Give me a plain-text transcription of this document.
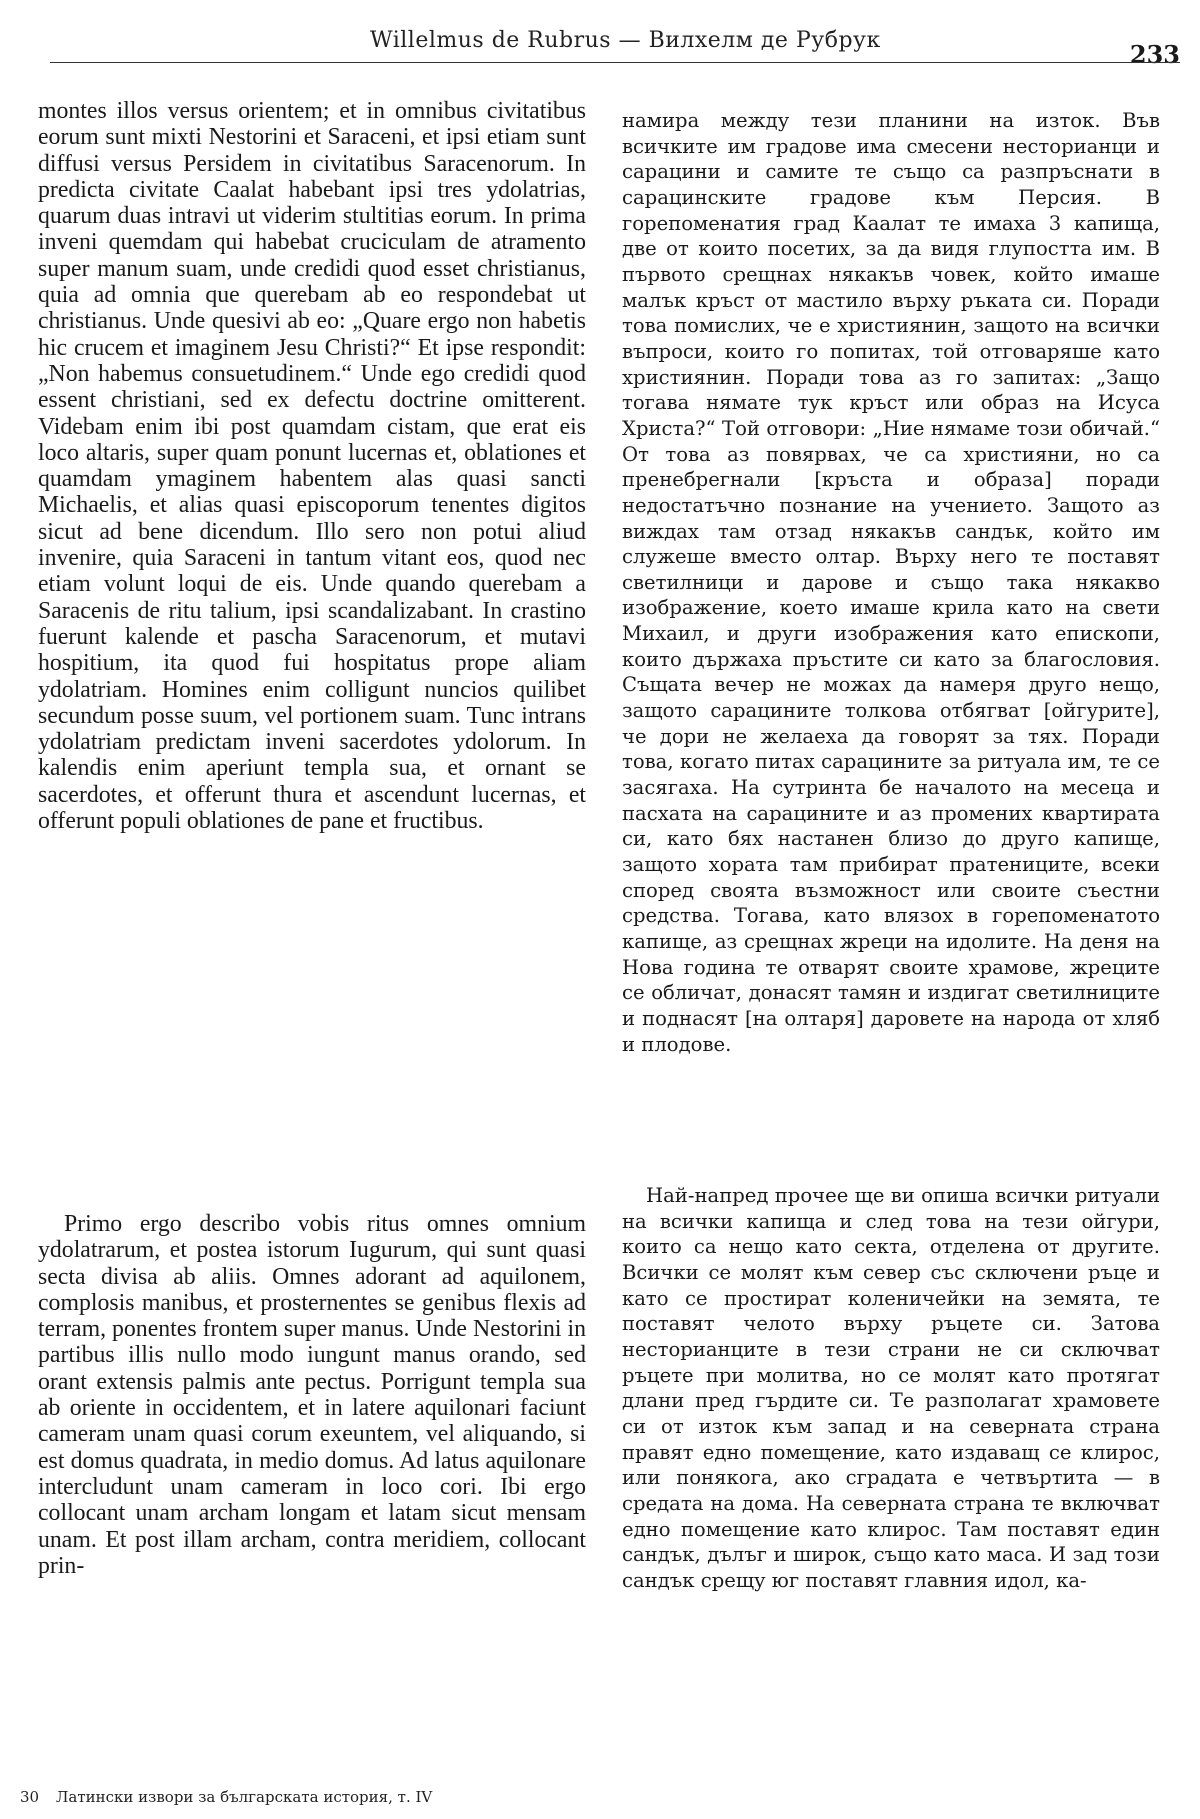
Willelmus de Rubrus — Вилхелм де Рубрук	233

montes illos versus orientem; et in omnibus civitatibus eorum sunt mixti Nestorini et Saraceni, et ipsi etiam sunt diffusi versus Persidem in civitatibus Saracenorum. In predicta civitate Caalat habebant ipsi tres ydolatrias, quarum duas intravi ut viderim stultitias eorum. In prima inveni quemdam qui habebat cruciculam de atramento super manum suam, unde credidi quod esset christianus, quia ad omnia que querebam ab eo respondebat ut christianus. Unde quesivi ab eo: „Quare ergo non habetis hic crucem et imaginem Jesu Christi?“ Et ipse respondit: „Non habemus consuetudinem.“ Unde ego credidi quod essent christiani, sed ex defectu doctrine omitterent. Videbam enim ibi post quamdam cistam, que erat eis loco altaris, super quam ponunt lucernas et, oblationes et quamdam ymaginem habentem alas quasi sancti Michaelis, et alias quasi episcoporum tenentes digitos sicut ad bene dicendum. Illo sero non potui aliud invenire, quia Saraceni in tantum vitant eos, quod nec etiam volunt loqui de eis. Unde quando querebam a Saracenis de ritu talium, ipsi scandalizabant. In crastino fuerunt kalende et pascha Saracenorum, et mutavi hospitium, ita quod fui hospitatus prope aliam ydolatriam. Homines enim colligunt nuncios quilibet secundum posse suum, vel portionem suam. Tunc intrans ydolatriam predictam inveni sacerdotes ydolorum. In kalendis enim aperiunt templa sua, et ornant se sacerdotes, et offerunt thura et ascendunt lucernas, et offerunt populi oblationes de pane et fructibus.

Primo ergo describo vobis ritus omnes omnium ydolatrarum, et postea istorum Iugurum, qui sunt quasi secta divisa ab aliis. Omnes adorant ad aquilonem, complosis manibus, et prosternentes se genibus flexis ad terram, ponentes frontem super manus. Unde Nestorini in partibus illis nullo modo iungunt manus orando, sed orant extensis palmis ante pectus. Porrigunt templa sua ab oriente in occidentem, et in latere aquilonari faciunt cameram unam quasi corum exeuntem, vel aliquando, si est domus quadrata, in medio domus. Ad latus aquilonare intercludunt unam cameram in loco cori. Ibi ergo collocant unam archam longam et latam sicut mensam unam. Et post illam archam, contra meridiem, collocant prin-

намира между тези планини на изток. Във всичките им градове има смесени несторианци и сарацини и самите те също са разпръснати в сарацинските градове към Персия. В горепоменатия град Каалат те имаха 3 капища, две от които посетих, за да видя глупостта им. В първото срещнах някакъв човек, който имаше малък кръст от мастило върху ръката си. Поради това помислих, че е християнин, защото на всички въпроси, които го попитах, той отговаряше като християнин. Поради това аз го запитах: „Защо тогава нямате тук кръст или образ на Исуса Христа?“ Той отговори: „Ние нямаме този обичай.“ От това аз повярвах, че са християни, но са пренебрегнали [кръста и образа] поради недостатъчно познание на учението. Защото аз виждах там отзад някакъв сандък, който им служеше вместо олтар. Върху него те поставят светилници и дарове и също така някакво изображение, което имаше крила като на свети Михаил, и други изображения като епископи, които държаха пръстите си като за благословия. Същата вечер не можах да намеря друго нещо, защото сарацините толкова отбягват [ойгурите], че дори не желаеха да говорят за тях. Поради това, когато питах сарацините за ритуала им, те се засягаха. На сутринта бе началото на месеца и пасхата на сарацините и аз промених квартирата си, като бях настанен близо до друго капище, защото хората там прибират пратениците, всеки според своята възможност или своите съестни средства. Тогава, като влязох в горепоменатото капище, аз срещнах жреци на идолите. На деня на Нова година те отварят своите храмове, жреците се обличат, донасят тамян и издигат светилниците и поднасят [на олтаря] даровете на народа от хляб и плодове.

Най-напред прочее ще ви опиша всички ритуали на всички капища и след това на тези ойгури, които са нещо като секта, отделена от другите. Всички се молят към север със сключени ръце и като се простират коленичейки на земята, те поставят челото върху ръцете си. Затова несторианците в тези страни не си сключват ръцете при молитва, но се молят като протягат длани пред гърдите си. Те разполагат храмовете си от изток към запад и на северната страна правят едно помещение, като издаващ се клирос, или понякога, ако сградата е четвъртита — в средата на дома. На северната страна те включват едно помещение като клирос. Там поставят един сандък, дълъг и широк, също като маса. И зад този сандък срещу юг поставят главния идол, ка-

30 Латински извори за българската история, т. IV
